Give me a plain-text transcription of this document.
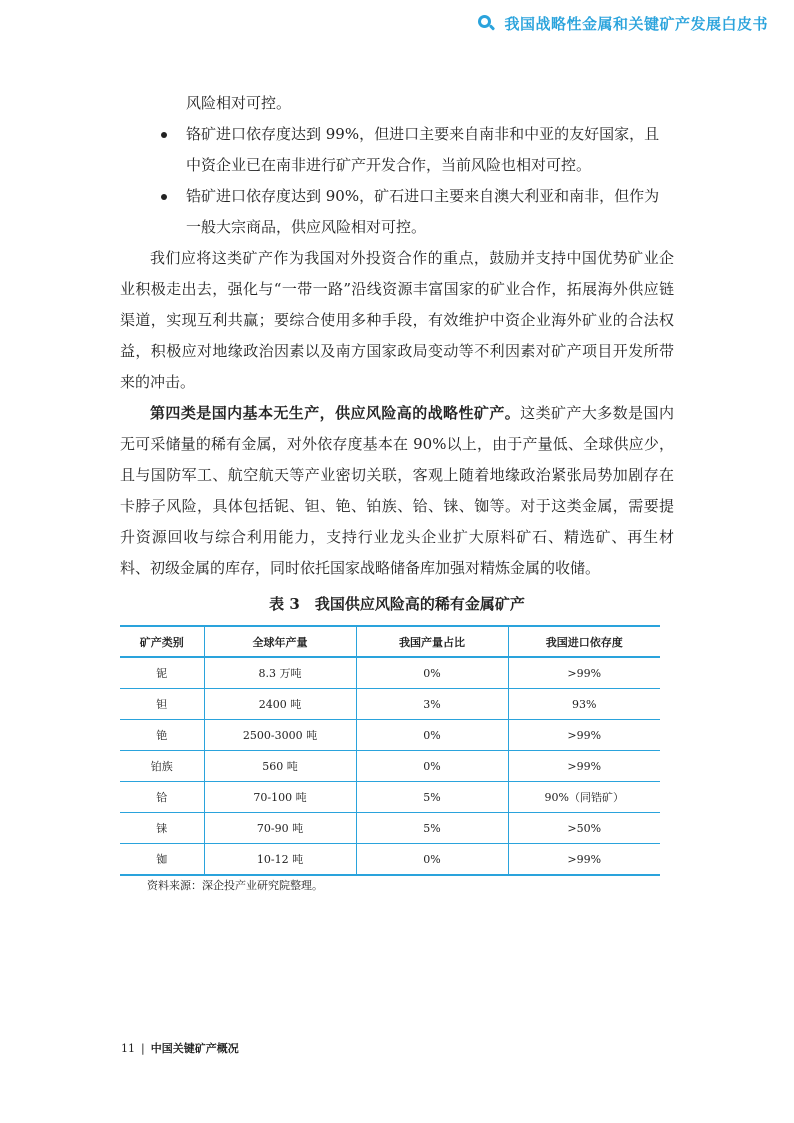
我国战略性金属和关键矿产发展白皮书

风险相对可控。

铬矿进口依存度达到 99%，但进口主要来自南非和中亚的友好国家，且
中资企业已在南非进行矿产开发合作，当前风险也相对可控。
锆矿进口依存度达到 90%，矿石进口主要来自澳大利亚和南非，但作为
一般大宗商品，供应风险相对可控。

我们应将这类矿产作为我国对外投资合作的重点，鼓励并支持中国优势矿业企业积极走出去，强化与“一带一路”沿线资源丰富国家的矿业合作，拓展海外供应链渠道，实现互利共赢；要综合使用多种手段，有效维护中资企业海外矿业的合法权益，积极应对地缘政治因素以及南方国家政局变动等不利因素对矿产项目开发所带来的冲击。

第四类是国内基本无生产，供应风险高的战略性矿产。这类矿产大多数是国内无可采储量的稀有金属，对外依存度基本在 90%以上，由于产量低、全球供应少，且与国防军工、航空航天等产业密切关联，客观上随着地缘政治紧张局势加剧存在卡脖子风险，具体包括铌、钽、铯、铂族、铪、铼、铷等。对于这类金属，需要提升资源回收与综合利用能力，支持行业龙头企业扩大原料矿石、精选矿、再生材料、初级金属的库存，同时依托国家战略储备库加强对精炼金属的收储。

表 3　我国供应风险高的稀有金属矿产
矿产类别	全球年产量	我国产量占比	我国进口依存度
铌	8.3 万吨	0%	>99%
钽	2400 吨	3%	93%
铯	2500-3000 吨	0%	>99%
铂族	560 吨	0%	>99%
铪	70-100 吨	5%	90%（同锆矿）
铼	70-90 吨	5%	>50%
铷	10-12 吨	0%	>99%
资料来源：深企投产业研究院整理。
11 | 中国关键矿产概况
